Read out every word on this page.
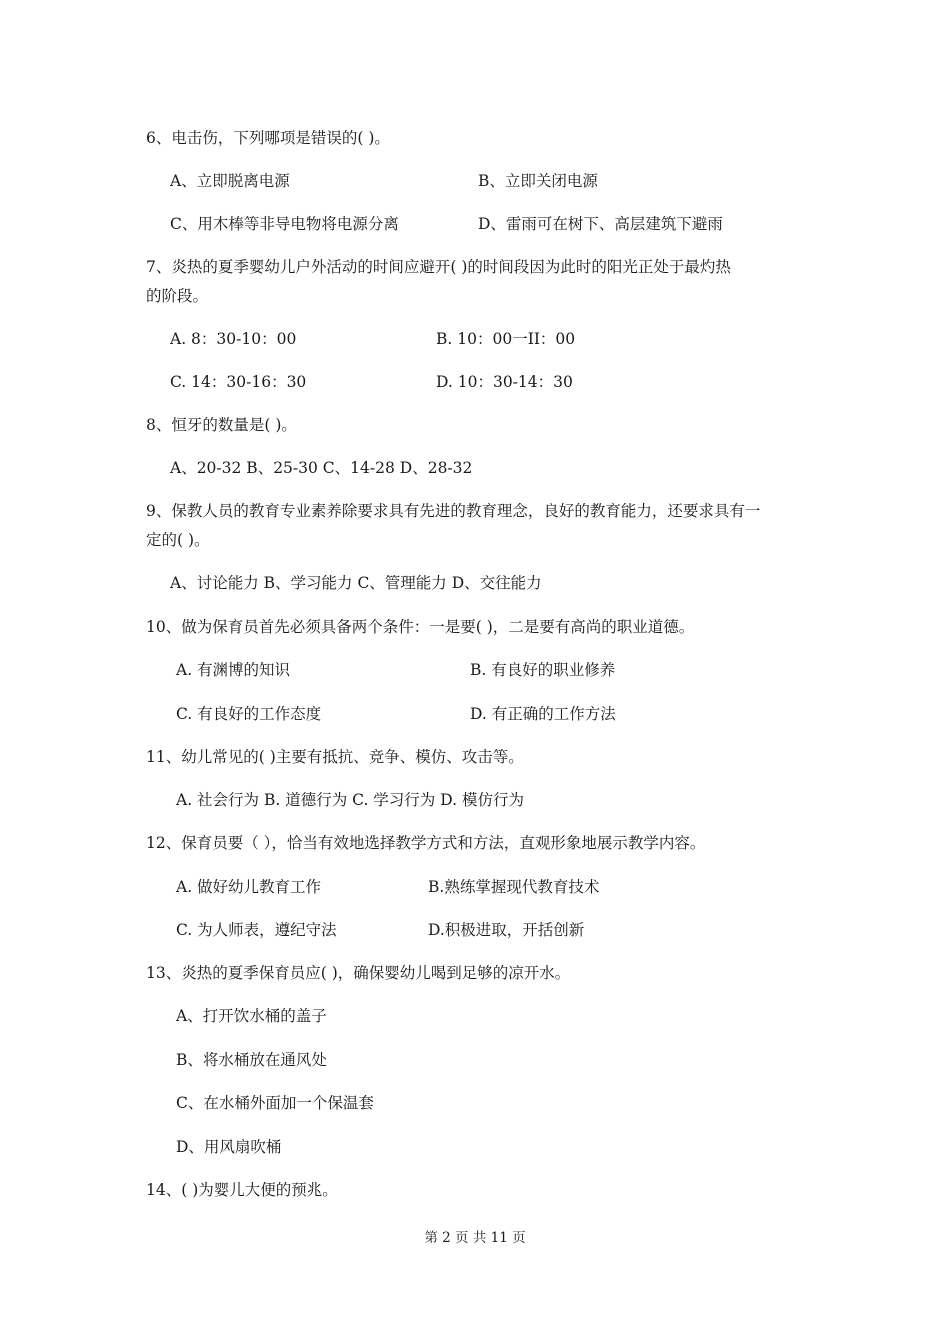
6、电击伤，下列哪项是错误的( )。
A、立即脱离电源	B、立即关闭电源
C、用木棒等非导电物将电源分离	D、雷雨可在树下、高层建筑下避雨
7、炎热的夏季婴幼儿户外活动的时间应避开( )的时间段因为此时的阳光正处于最灼热
的阶段。
A. 8：30-10：00	B. 10：00一II：00
C. 14：30-16：30	D. 10：30-14：30
8、恒牙的数量是( )。
A、20-32 B、25-30 C、14-28 D、28-32
9、保教人员的教育专业素养除要求具有先进的教育理念，良好的教育能力，还要求具有一
定的( )。
A、讨论能力 B、学习能力 C、管理能力 D、交往能力
10、做为保育员首先必须具备两个条件：一是要( )，二是要有高尚的职业道德。
A. 有渊博的知识	B. 有良好的职业修养
C. 有良好的工作态度	D. 有正确的工作方法
11、幼儿常见的( )主要有抵抗、竞争、模仿、攻击等。
A. 社会行为 B. 道德行为 C. 学习行为 D. 模仿行为
12、保育员要（ ），恰当有效地选择教学方式和方法，直观形象地展示教学内容。
A. 做好幼儿教育工作	B.熟练掌握现代教育技术
C. 为人师表，遵纪守法	D.积极进取，开括创新
13、炎热的夏季保育员应( )，确保婴幼儿喝到足够的凉开水。
A、打开饮水桶的盖子
B、将水桶放在通风处
C、在水桶外面加一个保温套
D、用风扇吹桶
14、( )为婴儿大便的预兆。
第 2 页 共 11 页
